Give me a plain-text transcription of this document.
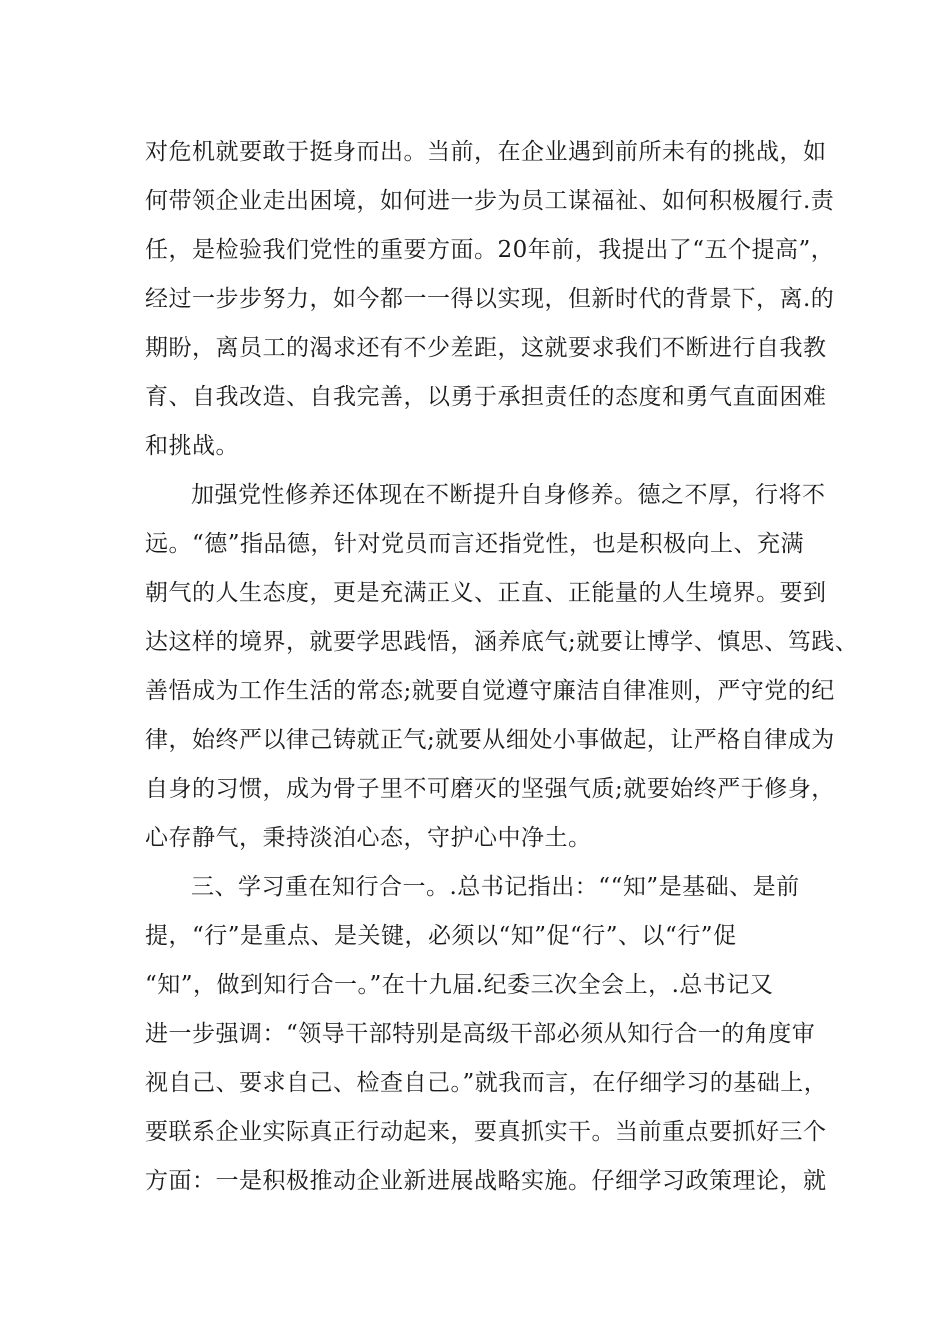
对危机就要敢于挺身而出。当前，在企业遇到前所未有的挑战，如
何带领企业走出困境，如何进一步为员工谋福祉、如何积极履行.责
任，是检验我们党性的重要方面。20年前，我提出了“五个提高”，
经过一步步努力，如今都一一得以实现，但新时代的背景下，离.的
期盼，离员工的渴求还有不少差距，这就要求我们不断进行自我教
育、自我改造、自我完善，以勇于承担责任的态度和勇气直面困难
和挑战。

加强党性修养还体现在不断提升自身修养。德之不厚，行将不
远。“德”指品德，针对党员而言还指党性，也是积极向上、充满
朝气的人生态度，更是充满正义、正直、正能量的人生境界。要到
达这样的境界，就要学思践悟，涵养底气;就要让博学、慎思、笃践、
善悟成为工作生活的常态;就要自觉遵守廉洁自律准则，严守党的纪
律，始终严以律己铸就正气;就要从细处小事做起，让严格自律成为
自身的习惯，成为骨子里不可磨灭的坚强气质;就要始终严于修身，
心存静气，秉持淡泊心态，守护心中净土。

三、学习重在知行合一。.总书记指出：““知”是基础、是前
提，“行”是重点、是关键，必须以“知”促“行”、以“行”促
“知”，做到知行合一。”在十九届.纪委三次全会上，.总书记又
进一步强调：“领导干部特别是高级干部必须从知行合一的角度审
视自己、要求自己、检查自己。”就我而言，在仔细学习的基础上，
要联系企业实际真正行动起来，要真抓实干。当前重点要抓好三个
方面：一是积极推动企业新进展战略实施。仔细学习政策理论，就
